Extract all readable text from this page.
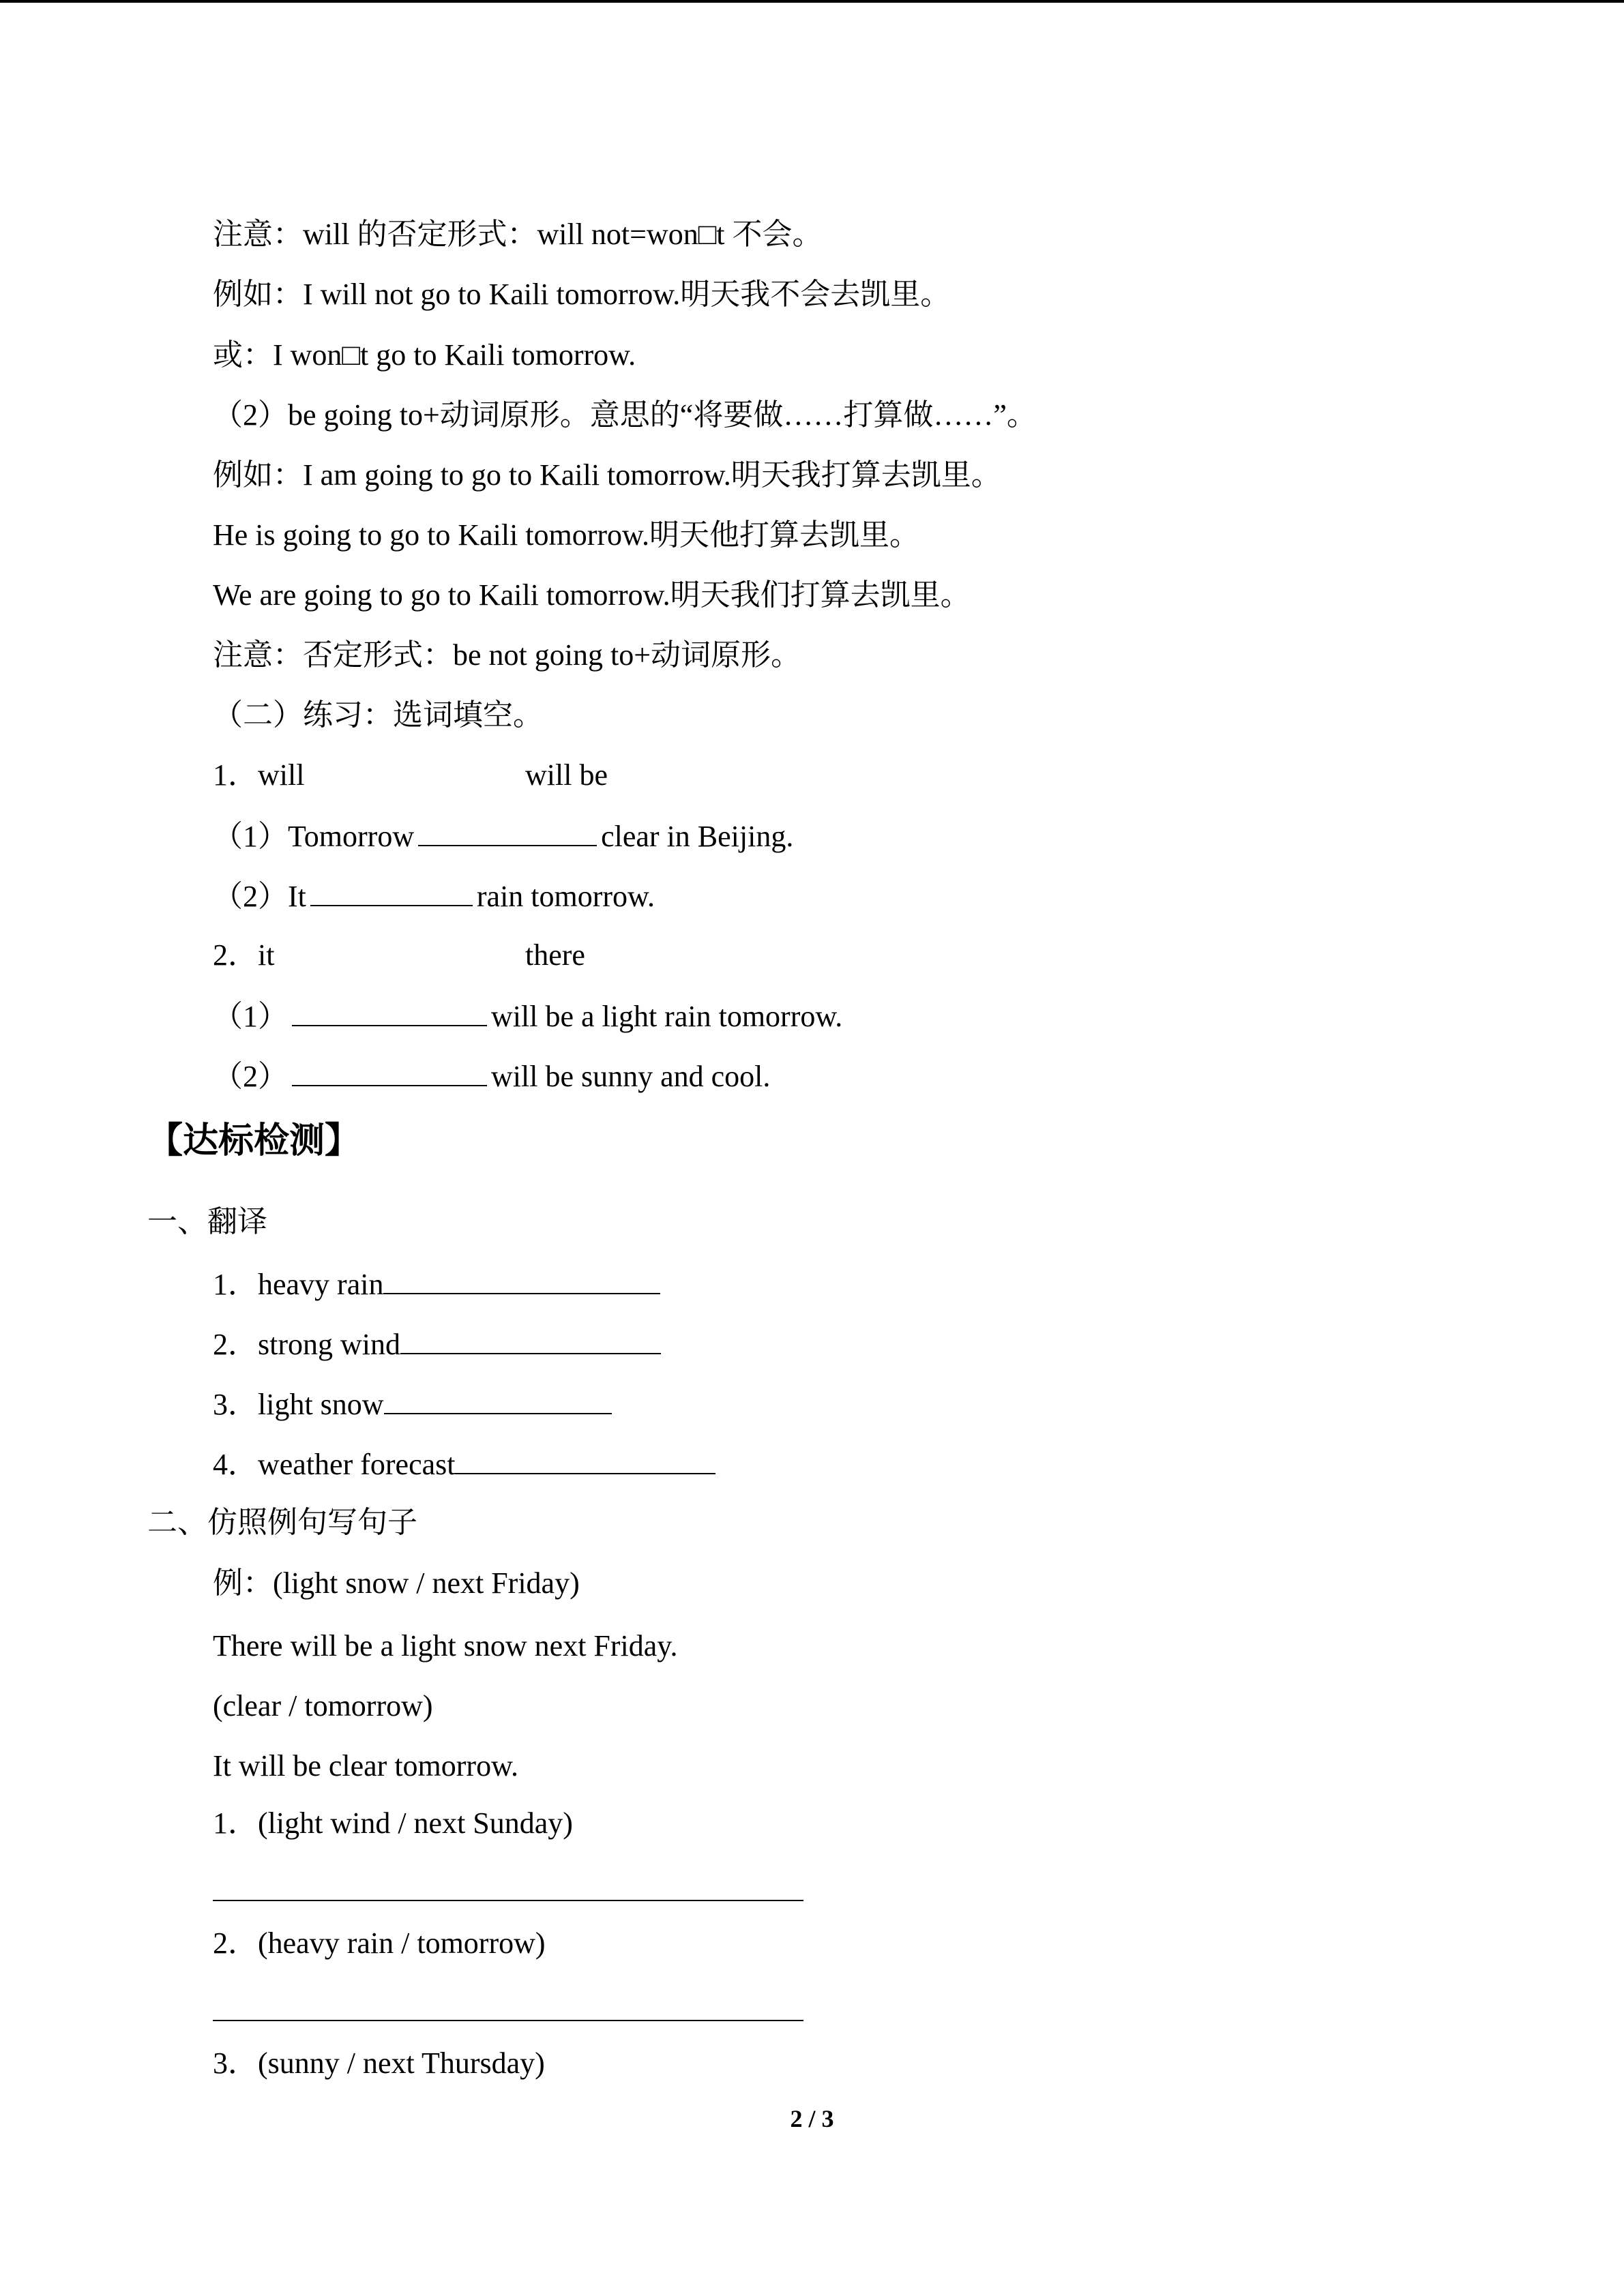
注意：will 的否定形式：will not=won□t 不会。
例如：I will not go to Kaili tomorrow.明天我不会去凯里。
或：I won□t go to Kaili tomorrow.
（2）be going to+动词原形。意思的“将要做……打算做……”。
例如：I am going to go to Kaili tomorrow.明天我打算去凯里。
He is going to go to Kaili tomorrow.明天他打算去凯里。
We are going to go to Kaili tomorrow.明天我们打算去凯里。
注意：否定形式：be not going to+动词原形。
（二）练习：选词填空。
1．will	will be
（1）Tomorrow	clear in Beijing.
（2）It	rain tomorrow.
2．it	there
（1）	will be a light rain tomorrow.
（2）	will be sunny and cool.
【达标检测】
一、翻译
1．heavy rain
2．strong wind
3．light snow
4．weather forecast
二、仿照例句写句子
例：(light snow / next Friday)
There will be a light snow next Friday.
(clear / tomorrow)
It will be clear tomorrow.
1．(light wind / next Sunday)
2．(heavy rain / tomorrow)
3．(sunny / next Thursday)
2 / 3
